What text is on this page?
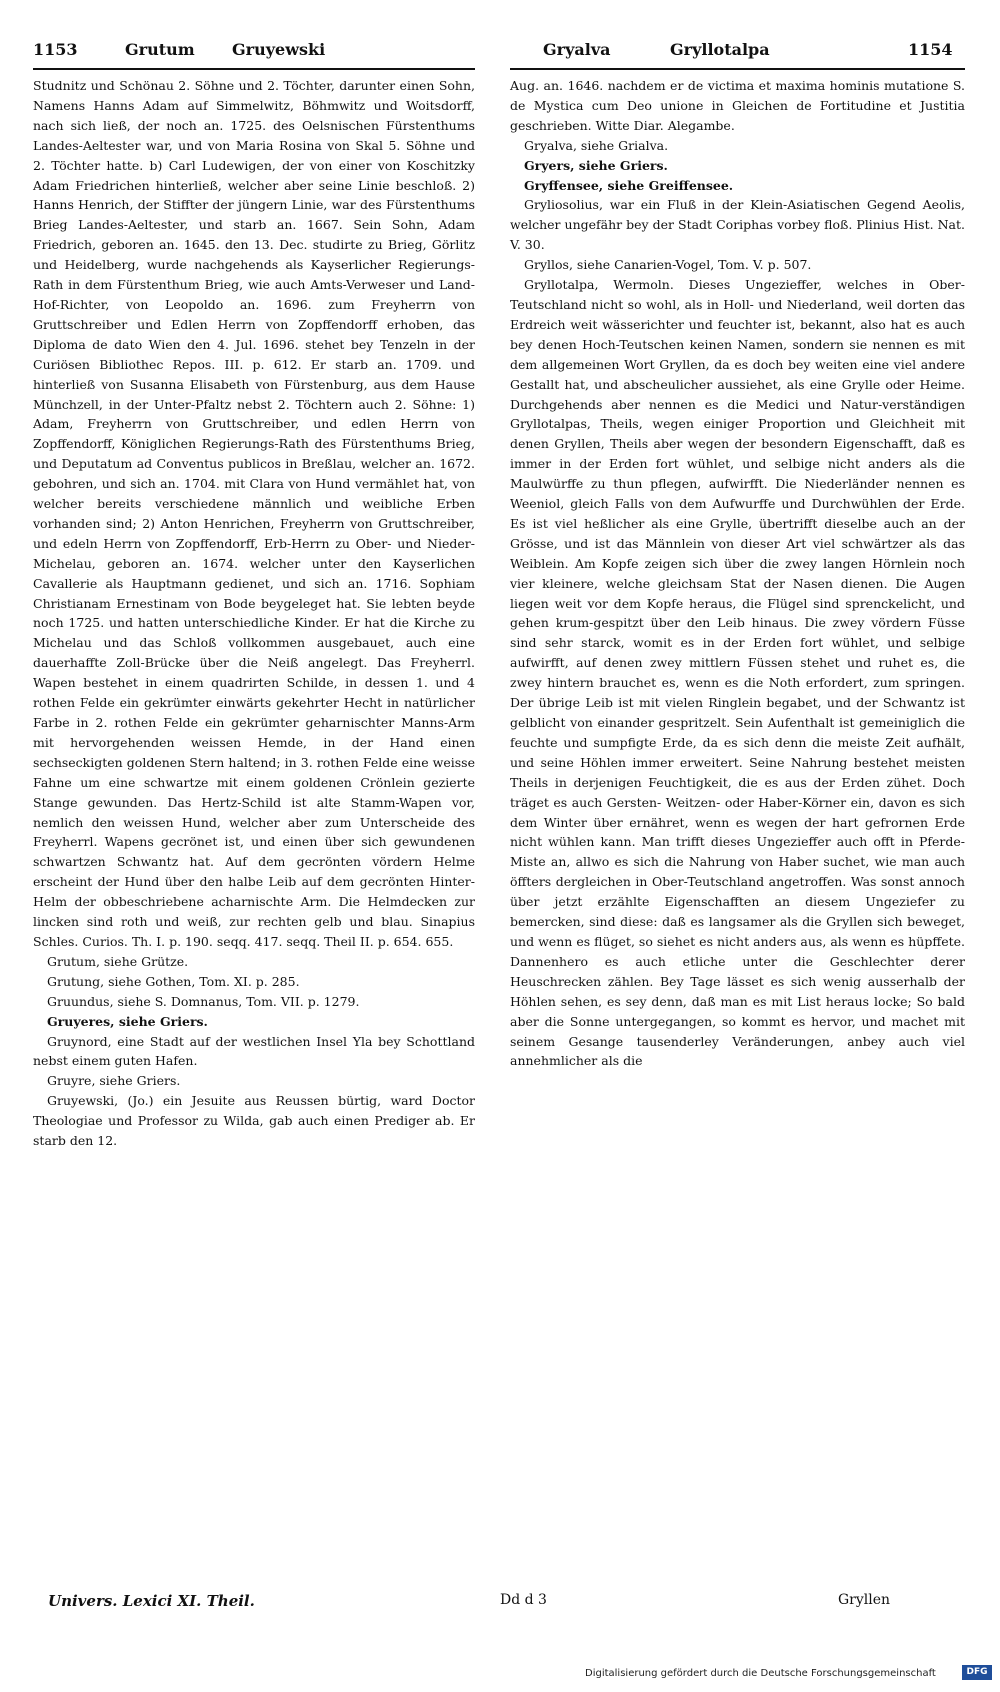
1153	Grutum Gruyewski	Gryalva	Gryllotalpa	1154

Studnitz und Schönau 2. Söhne und 2. Töchter, darunter einen Sohn, Namens Hanns Adam auf Simmelwitz, Böhmwitz und Woitsdorff, nach sich ließ, der noch an. 1725. des Oelsnischen Fürstenthums Landes-Aeltester war, und von Maria Rosina von Skal 5. Söhne und 2. Töchter hatte. b) Carl Ludewigen, der von einer von Koschitzky Adam Friedrichen hinterließ, welcher aber seine Linie beschloß. 2) Hanns Henrich, der Stiffter der jüngern Linie, war des Fürstenthums Brieg Landes-Aeltester, und starb an. 1667. Sein Sohn, Adam Friedrich, geboren an. 1645. den 13. Dec. studirte zu Brieg, Görlitz und Heidelberg, wurde nachgehends als Kayserlicher Regierungs-Rath in dem Fürstenthum Brieg, wie auch Amts-Verweser und Land-Hof-Richter, von Leopoldo an. 1696. zum Freyherrn von Gruttschreiber und Edlen Herrn von Zopffendorff erhoben, das Diploma de dato Wien den 4. Jul. 1696. stehet bey Tenzeln in der Curiösen Bibliothec Repos. III. p. 612. Er starb an. 1709. und hinterließ von Susanna Elisabeth von Fürstenburg, aus dem Hause Münchzell, in der Unter-Pfaltz nebst 2. Töchtern auch 2. Söhne: 1) Adam, Freyherrn von Gruttschreiber, und edlen Herrn von Zopffendorff, Königlichen Regierungs-Rath des Fürstenthums Brieg, und Deputatum ad Conventus publicos in Breßlau, welcher an. 1672. gebohren, und sich an. 1704. mit Clara von Hund vermählet hat, von welcher bereits verschiedene männlich und weibliche Erben vorhanden sind; 2) Anton Henrichen, Freyherrn von Gruttschreiber, und edeln Herrn von Zopffendorff, Erb-Herrn zu Ober- und Nieder-Michelau, geboren an. 1674. welcher unter den Kayserlichen Cavallerie als Hauptmann gedienet, und sich an. 1716. Sophiam Christianam Ernestinam von Bode beygeleget hat. Sie lebten beyde noch 1725. und hatten unterschiedliche Kinder. Er hat die Kirche zu Michelau und das Schloß vollkommen ausgebauet, auch eine dauerhaffte Zoll-Brücke über die Neiß angelegt. Das Freyherrl. Wapen bestehet in einem quadrirten Schilde, in dessen 1. und 4 rothen Felde ein gekrümter einwärts gekehrter Hecht in natürlicher Farbe in 2. rothen Felde ein gekrümter geharnischter Manns-Arm mit hervorgehenden weissen Hemde, in der Hand einen sechseckigten goldenen Stern haltend; in 3. rothen Felde eine weisse Fahne um eine schwartze mit einem goldenen Crönlein gezierte Stange gewunden. Das Hertz-Schild ist alte Stamm-Wapen vor, nemlich den weissen Hund, welcher aber zum Unterscheide des Freyherrl. Wapens gecrönet ist, und einen über sich gewundenen schwartzen Schwantz hat. Auf dem gecrönten vördern Helme erscheint der Hund über den halbe Leib auf dem gecrönten Hinter-Helm der obbeschriebene acharnischte Arm. Die Helmdecken zur lincken sind roth und weiß, zur rechten gelb und blau. Sinapius Schles. Curios. Th. I. p. 190. seqq. 417. seqq. Theil II. p. 654. 655.

Grutum, siehe Grütze.

Grutung, siehe Gothen, Tom. XI. p. 285.

Gruundus, siehe S. Domnanus, Tom. VII. p. 1279.

Gruyeres, siehe Griers.

Gruynord, eine Stadt auf der westlichen Insel Yla bey Schottland nebst einem guten Hafen.

Gruyre, siehe Griers.

Gruyewski, (Jo.) ein Jesuite aus Reussen bürtig, ward Doctor Theologiae und Professor zu Wilda, gab auch einen Prediger ab. Er starb den 12.

Aug. an. 1646. nachdem er de victima et maxima hominis mutatione S. de Mystica cum Deo unione in Gleichen de Fortitudine et Justitia geschrieben. Witte Diar. Alegambe.

Gryalva, siehe Grialva.

Gryers, siehe Griers.

Gryffensee, siehe Greiffensee.

Gryliosolius, war ein Fluß in der Klein-Asiatischen Gegend Aeolis, welcher ungefähr bey der Stadt Coriphas vorbey floß. Plinius Hist. Nat. V. 30.

Gryllos, siehe Canarien-Vogel, Tom. V. p. 507.

Gryllotalpa, Wermoln. Dieses Ungezieffer, welches in Ober-Teutschland nicht so wohl, als in Holl- und Niederland, weil dorten das Erdreich weit wässerichter und feuchter ist, bekannt, also hat es auch bey denen Hoch-Teutschen keinen Namen, sondern sie nennen es mit dem allgemeinen Wort Gryllen, da es doch bey weiten eine viel andere Gestallt hat, und abscheulicher aussiehet, als eine Grylle oder Heime. Durchgehends aber nennen es die Medici und Natur-verständigen Gryllotalpas, Theils, wegen einiger Proportion und Gleichheit mit denen Gryllen, Theils aber wegen der besondern Eigenschafft, daß es immer in der Erden fort wühlet, und selbige nicht anders als die Maulwürffe zu thun pflegen, aufwirfft. Die Niederländer nennen es Weeniol, gleich Falls von dem Aufwurffe und Durchwühlen der Erde. Es ist viel heßlicher als eine Grylle, übertrifft dieselbe auch an der Grösse, und ist das Männlein von dieser Art viel schwärtzer als das Weiblein. Am Kopfe zeigen sich über die zwey langen Hörnlein noch vier kleinere, welche gleichsam Stat der Nasen dienen. Die Augen liegen weit vor dem Kopfe heraus, die Flügel sind sprenckelicht, und gehen krum-gespitzt über den Leib hinaus. Die zwey vördern Füsse sind sehr starck, womit es in der Erden fort wühlet, und selbige aufwirfft, auf denen zwey mittlern Füssen stehet und ruhet es, die zwey hintern brauchet es, wenn es die Noth erfordert, zum springen. Der übrige Leib ist mit vielen Ringlein begabet, und der Schwantz ist gelblicht von einander gespritzelt. Sein Aufenthalt ist gemeiniglich die feuchte und sumpfigte Erde, da es sich denn die meiste Zeit aufhält, und seine Höhlen immer erweitert. Seine Nahrung bestehet meisten Theils in derjenigen Feuchtigkeit, die es aus der Erden zühet. Doch träget es auch Gersten- Weitzen- oder Haber-Körner ein, davon es sich dem Winter über ernähret, wenn es wegen der hart gefrornen Erde nicht wühlen kann. Man trifft dieses Ungezieffer auch offt in Pferde-Miste an, allwo es sich die Nahrung von Haber suchet, wie man auch öffters dergleichen in Ober-Teutschland angetroffen. Was sonst annoch über jetzt erzählte Eigenschafften an diesem Ungeziefer zu bemercken, sind diese: daß es langsamer als die Gryllen sich beweget, und wenn es flüget, so siehet es nicht anders aus, als wenn es hüpffete. Dannenhero es auch etliche unter die Geschlechter derer Heuschrecken zählen. Bey Tage lässet es sich wenig ausserhalb der Höhlen sehen, es sey denn, daß man es mit List heraus locke; So bald aber die Sonne untergegangen, so kommt es hervor, und machet mit seinem Gesange tausenderley Veränderungen, anbey auch viel annehmlicher als die

Univers. Lexici XI. Theil.	Dd d 3	Gryllen
Digitalisierung gefördert durch die Deutsche Forschungsgemeinschaft	DFG
